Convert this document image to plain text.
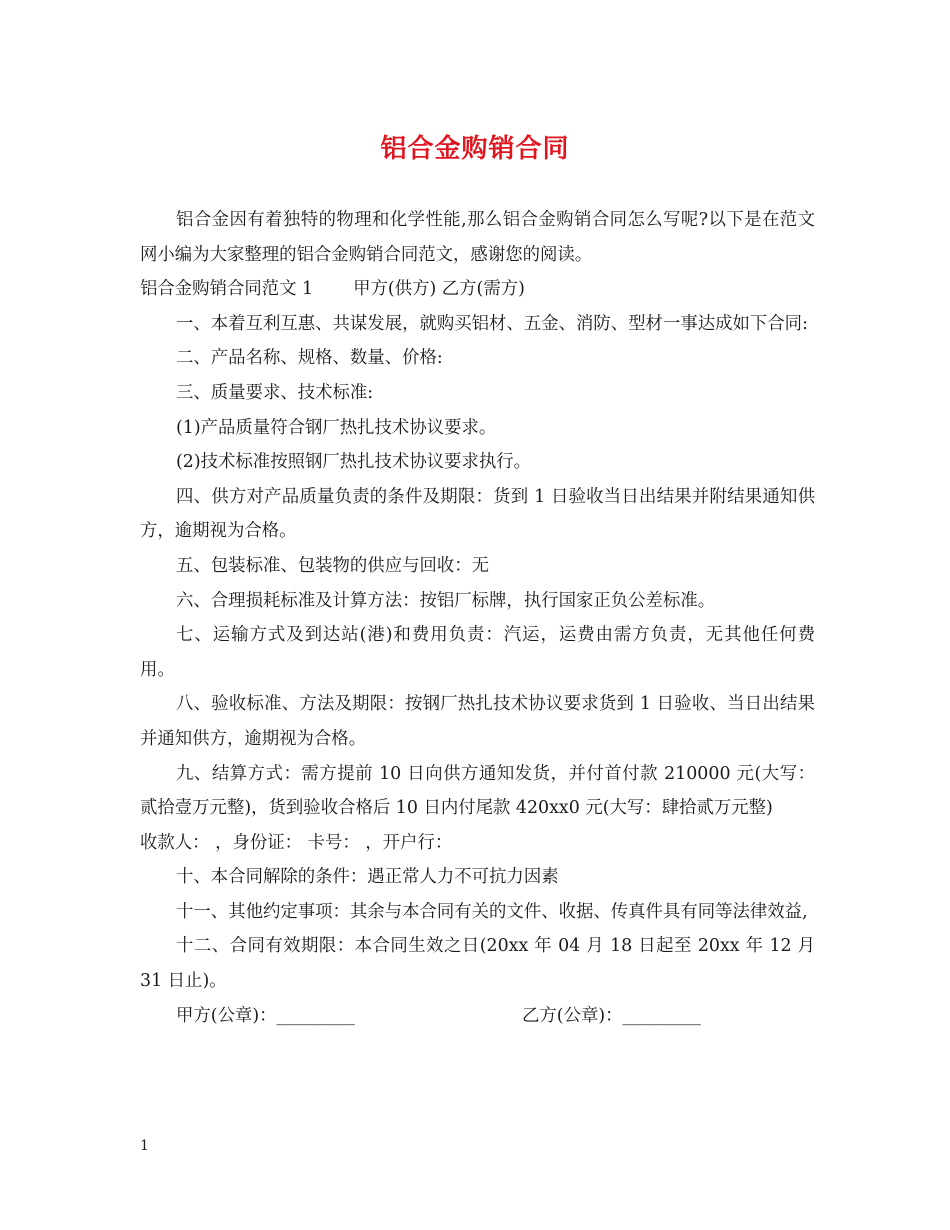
铝合金购销合同

铝合金因有着独特的物理和化学性能,那么铝合金购销合同怎么写呢?以下是在范文网小编为大家整理的铝合金购销合同范文，感谢您的阅读。

铝合金购销合同范文 1 甲方(供方) 乙方(需方)

一、本着互利互惠、共谋发展，就购买铝材、五金、消防、型材一事达成如下合同:

二、产品名称、规格、数量、价格:

三、质量要求、技术标准:

(1)产品质量符合钢厂热扎技术协议要求。

(2)技术标准按照钢厂热扎技术协议要求执行。

四、供方对产品质量负责的条件及期限：货到 1 日验收当日出结果并附结果通知供方，逾期视为合格。

五、包装标准、包装物的供应与回收：无

六、合理损耗标准及计算方法：按铝厂标牌，执行国家正负公差标准。

七、运输方式及到达站(港)和费用负责：汽运，运费由需方负责，无其他任何费用。

八、验收标准、方法及期限：按钢厂热扎技术协议要求货到 1 日验收、当日出结果并通知供方，逾期视为合格。

九、结算方式：需方提前 10 日向供方通知发货，并付首付款 210000 元(大写：贰拾壹万元整)，货到验收合格后 10 日内付尾款 420xx0 元(大写：肆拾贰万元整)

收款人： ，身份证： 卡号： ，开户行：

十、本合同解除的条件：遇正常人力不可抗力因素

十一、其他约定事项：其余与本合同有关的文件、收据、传真件具有同等法律效益,

十二、合同有效期限：本合同生效之日(20xx 年 04 月 18 日起至 20xx 年 12 月 31 日止)。

甲方(公章)：_________	乙方(公章)：_________
1
